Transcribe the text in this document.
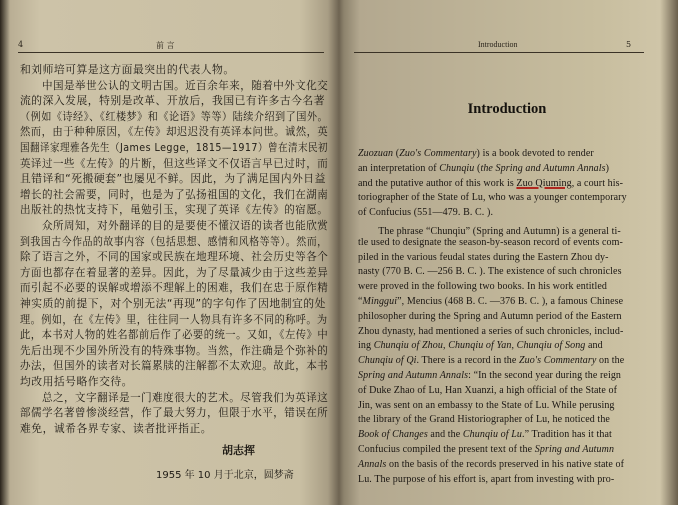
4	前 言
和刘师培可算是这方面最突出的代表人物。
　　中国是举世公认的文明古国。近百余年来，随着中外文化交
流的深入发展，特别是改革、开放后，我国已有许多古今名著
（例如《诗经》、《红楼梦》和《论语》等等）陆续介绍到了国外。
然而，由于种种原因，《左传》却迟迟没有英译本问世。诚然，英
国翻译家理雅各先生（James Legge，1815—1917）曾在清末民初
英译过一些《左传》的片断，但这些译文不仅语言早已过时，而
且错译和“死搬硬套”也屡见不鲜。因此，为了满足国内外日益
增长的社会需要，同时，也是为了弘扬祖国的文化，我们在湖南
出版社的热忱支持下，黾勉引玉，实现了英译《左传》的宿愿。
　　众所周知，对外翻译的目的是要使不懂汉语的读者也能欣赏
到我国古今作品的故事内容（包括思想、感情和风格等等）。然而，
除了语言之外，不同的国家或民族在地理环境、社会历史等各个
方面也都存在着显著的差异。因此，为了尽量减少由于这些差异
而引起不必要的误解或增添不理解上的困难，我们在忠于原作精
神实质的前提下，对个别无法“再现”的字句作了因地制宜的处
理。例如，在《左传》里，往往同一人物具有许多不同的称呼。为
此，本书对人物的姓名都前后作了必要的统一。又如，《左传》中
先后出现不少国外所没有的特殊事物。当然，作注确是个弥补的
办法，但国外的读者对长篇累牍的注解都不太欢迎。故此，本书
均改用括号略作交待。
　　总之，文字翻译是一门难度很大的艺术。尽管我们为英译这
部儒学名著曾惨淡经营，作了最大努力，但限于水平，错误在所
难免，诚希各界专家、读者批评指正。
胡志挥
1955 年 10 月于北京，圆梦斋
Introduction	5
Introduction
Zuozuan (Zuo's Commentary) is a book devoted to render
an interpretation of Chunqiu (the Spring and Autumn Annals)
and the putative author of this work is Zuo Qiuming, a court his-
toriographer of the State of Lu, who was a younger contemporary
of Confucius (551—479. B. C. ).
　　The phrase “Chunqiu” (Spring and Autumn) is a general ti-
tle used to designate the season-by-season record of events com-
piled in the various feudal states during the Eastern Zhou dy-
nasty (770 B. C. —256 B. C. ). The existence of such chronicles
were proved in the following two books. In his work entitled
“Minggui”, Mencius (468 B. C. —376 B. C. ), a famous Chinese
philosopher during the Spring and Autumn period of the Eastern
Zhou dynasty, had mentioned a series of such chronicles, includ-
ing Chunqiu of Zhou, Chunqiu of Yan, Chunqiu of Song and
Chunqiu of Qi. There is a record in the Zuo's Commentary on the
Spring and Autumn Annals: “In the second year during the reign
of Duke Zhao of Lu, Han Xuanzi, a high official of the State of
Jin, was sent on an embassy to the State of Lu. While perusing
the library of the Grand Historiographer of Lu, he noticed the
Book of Changes and the Chunqiu of Lu.” Tradition has it that
Confucius compiled the present text of the Spring and Autumn
Annals on the basis of the records preserved in his native state of
Lu. The purpose of his effort is, apart from investing with pro-
